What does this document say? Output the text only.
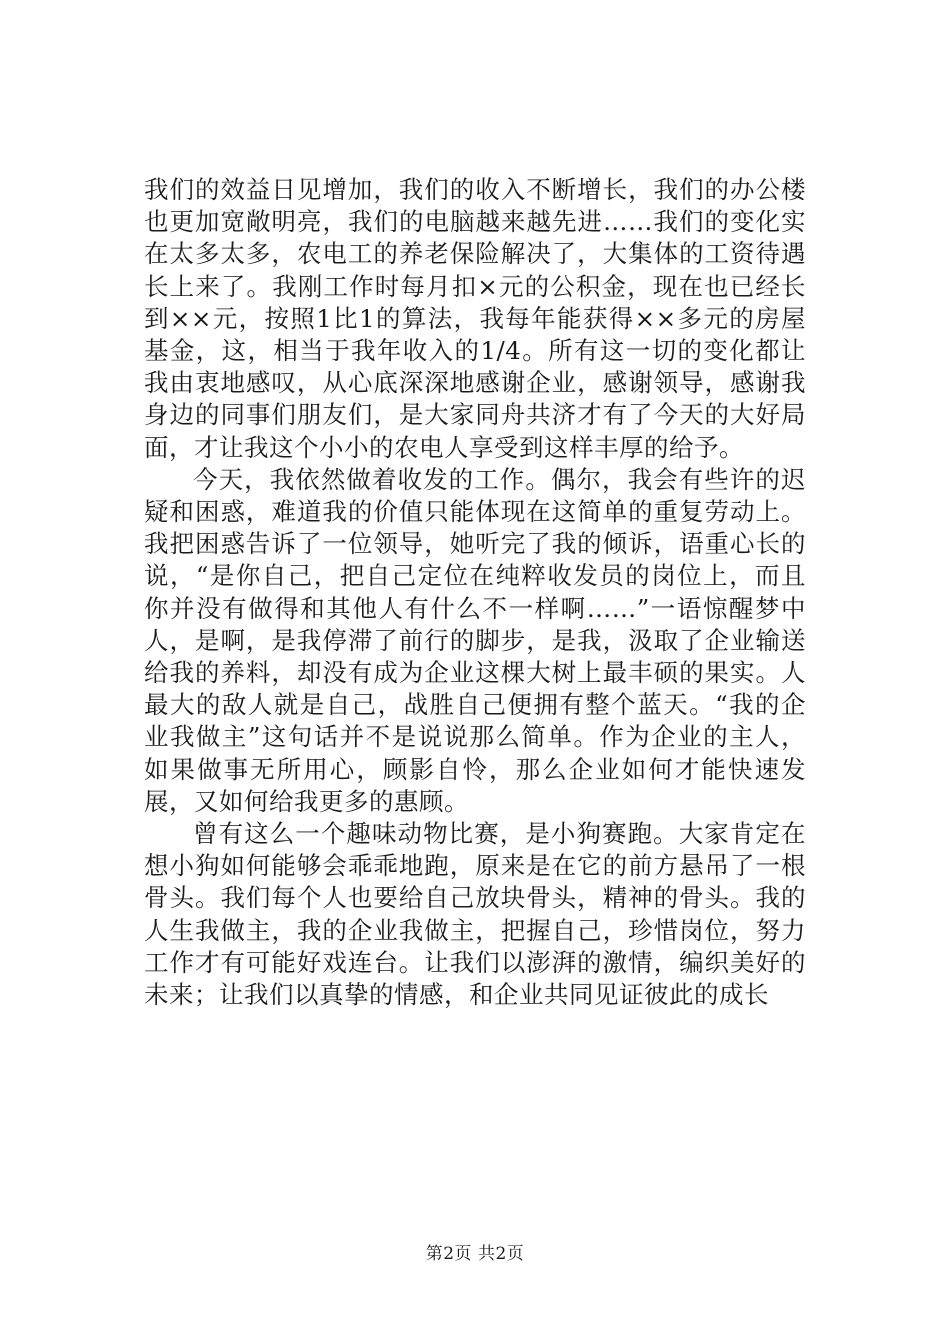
我们的效益日见增加，我们的收入不断增长，我们的办公楼也更加宽敞明亮，我们的电脑越来越先进……我们的变化实在太多太多，农电工的养老保险解决了，大集体的工资待遇长上来了。我刚工作时每月扣×元的公积金，现在也已经长到××元，按照1比1的算法，我每年能获得××多元的房屋基金，这，相当于我年收入的1/4。所有这一切的变化都让我由衷地感叹，从心底深深地感谢企业，感谢领导，感谢我身边的同事们朋友们，是大家同舟共济才有了今天的大好局面，才让我这个小小的农电人享受到这样丰厚的给予。

今天，我依然做着收发的工作。偶尔，我会有些许的迟疑和困惑，难道我的价值只能体现在这简单的重复劳动上。我把困惑告诉了一位领导，她听完了我的倾诉，语重心长的说，“是你自己，把自己定位在纯粹收发员的岗位上，而且你并没有做得和其他人有什么不一样啊……”一语惊醒梦中人，是啊，是我停滞了前行的脚步，是我，汲取了企业输送给我的养料，却没有成为企业这棵大树上最丰硕的果实。人最大的敌人就是自己，战胜自己便拥有整个蓝天。“我的企业我做主”这句话并不是说说那么简单。作为企业的主人，如果做事无所用心，顾影自怜，那么企业如何才能快速发展，又如何给我更多的惠顾。

曾有这么一个趣味动物比赛，是小狗赛跑。大家肯定在想小狗如何能够会乖乖地跑，原来是在它的前方悬吊了一根骨头。我们每个人也要给自己放块骨头，精神的骨头。我的人生我做主，我的企业我做主，把握自己，珍惜岗位，努力工作才有可能好戏连台。让我们以澎湃的激情，编织美好的未来；让我们以真挚的情感，和企业共同见证彼此的成长

第2页 共2页
